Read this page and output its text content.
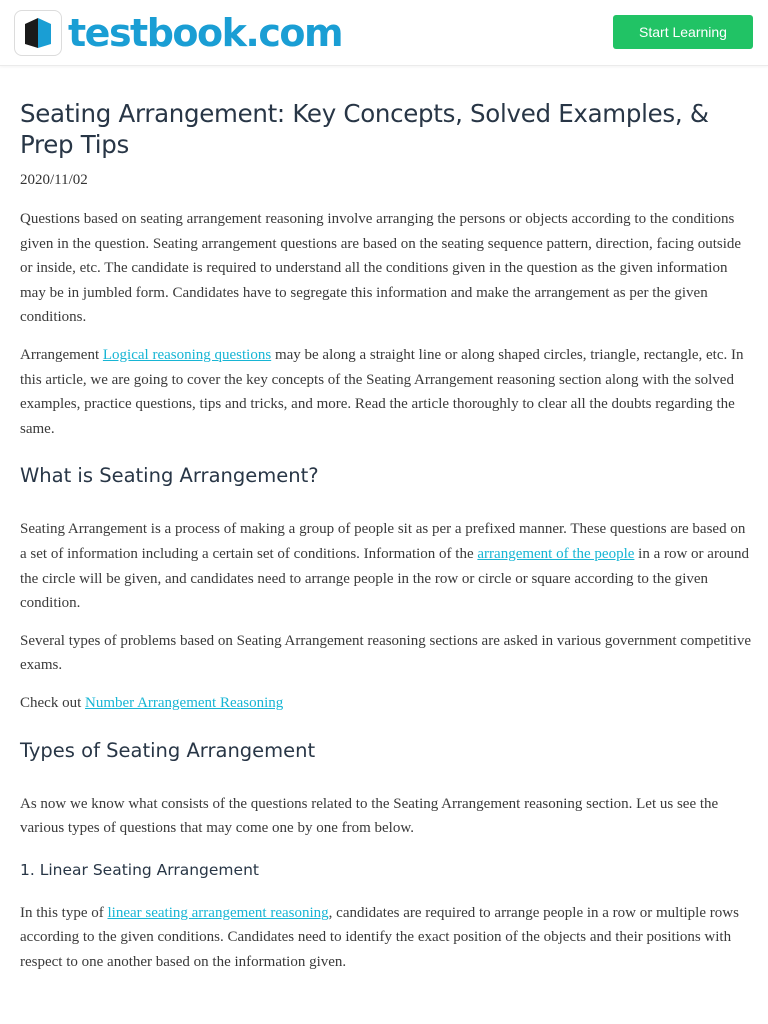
testbook.com	Start Learning
Seating Arrangement: Key Concepts, Solved Examples, & Prep Tips
2020/11/02

Questions based on seating arrangement reasoning involve arranging the persons or objects according to the conditions given in the question. Seating arrangement questions are based on the seating sequence pattern, direction, facing outside or inside, etc. The candidate is required to understand all the conditions given in the question as the given information may be in jumbled form. Candidates have to segregate this information and make the arrangement as per the given conditions.

Arrangement Logical reasoning questions may be along a straight line or along shaped circles, triangle, rectangle, etc. In this article, we are going to cover the key concepts of the Seating Arrangement reasoning section along with the solved examples, practice questions, tips and tricks, and more. Read the article thoroughly to clear all the doubts regarding the same.

What is Seating Arrangement?

Seating Arrangement is a process of making a group of people sit as per a prefixed manner. These questions are based on a set of information including a certain set of conditions. Information of the arrangement of the people in a row or around the circle will be given, and candidates need to arrange people in the row or circle or square according to the given condition.

Several types of problems based on Seating Arrangement reasoning sections are asked in various government competitive exams.

Check out Number Arrangement Reasoning

Types of Seating Arrangement

As now we know what consists of the questions related to the Seating Arrangement reasoning section. Let us see the various types of questions that may come one by one from below.

1. Linear Seating Arrangement

In this type of linear seating arrangement reasoning, candidates are required to arrange people in a row or multiple rows according to the given conditions. Candidates need to identify the exact position of the objects and their positions with respect to one another based on the information given.
